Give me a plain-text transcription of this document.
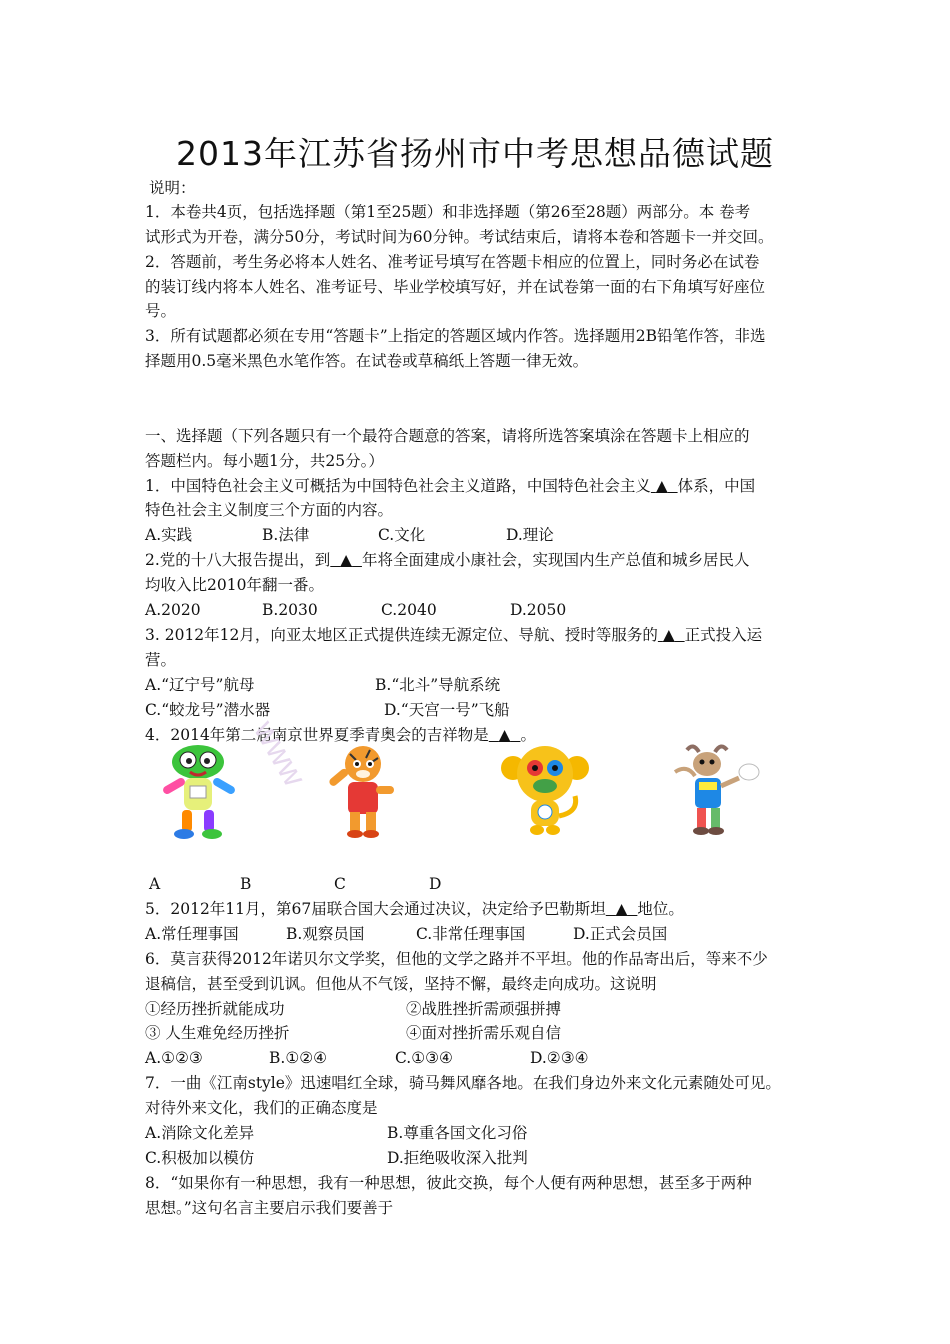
2013年江苏省扬州市中考思想品德试题
说明：
1．本卷共4页，包括选择题（第1至25题）和非选择题（第26至28题）两部分。本 卷考
试形式为开卷，满分50分，考试时间为60分钟。考试结束后，请将本卷和答题卡一并交回。
2．答题前，考生务必将本人姓名、准考证号填写在答题卡相应的位置上，同时务必在试卷
的装订线内将本人姓名、准考证号、毕业学校填写好，并在试卷第一面的右下角填写好座位
号。
3．所有试题都必须在专用“答题卡”上指定的答题区域内作答。选择题用2B铅笔作答，非选
择题用0.5毫米黑色水笔作答。在试卷或草稿纸上答题一律无效。
一、选择题（下列各题只有一个最符合题意的答案，请将所选答案填涂在答题卡上相应的
答题栏内。每小题1分，共25分。）
1．中国特色社会主义可概括为中国特色社会主义道路，中国特色社会主义 ▲ 体系，中国
特色社会主义制度三个方面的内容。
A.实践	B.法律	C.文化	D.理论
2.党的十八大报告提出，到 ▲ 年将全面建成小康社会，实现国内生产总值和城乡居民人
均收入比2010年翻一番。
A.2020	B.2030	C.2040	D.2050
3. 2012年12月，向亚太地区正式提供连续无源定位、导航、授时等服务的 ▲ 正式投入运
营。
A.“辽宁号”航母	B.“北斗”导航系统
C.“蛟龙号”潜水器	D.“天宫一号”飞船
4．2014年第二届南京世界夏季青奥会的吉祥物是 ▲ 。
www
A	B	C	D
5．2012年11月，第67届联合国大会通过决议，决定给予巴勒斯坦 ▲ 地位。
A.常任理事国	B.观察员国	C.非常任理事国	D.正式会员国
6．莫言获得2012年诺贝尔文学奖，但他的文学之路并不平坦。他的作品寄出后，等来不少
退稿信，甚至受到讥讽。但他从不气馁，坚持不懈，最终走向成功。这说明
①经历挫折就能成功	②战胜挫折需顽强拼搏
③ 人生难免经历挫折	④面对挫折需乐观自信
A.①②③	B.①②④	C.①③④	D.②③④
7．一曲《江南style》迅速唱红全球，骑马舞风靡各地。在我们身边外来文化元素随处可见。
对待外来文化，我们的正确态度是
A.消除文化差异	B.尊重各国文化习俗
C.积极加以模仿	D.拒绝吸收深入批判
8．“如果你有一种思想，我有一种思想，彼此交换，每个人便有两种思想，甚至多于两种
思想。”这句名言主要启示我们要善于
